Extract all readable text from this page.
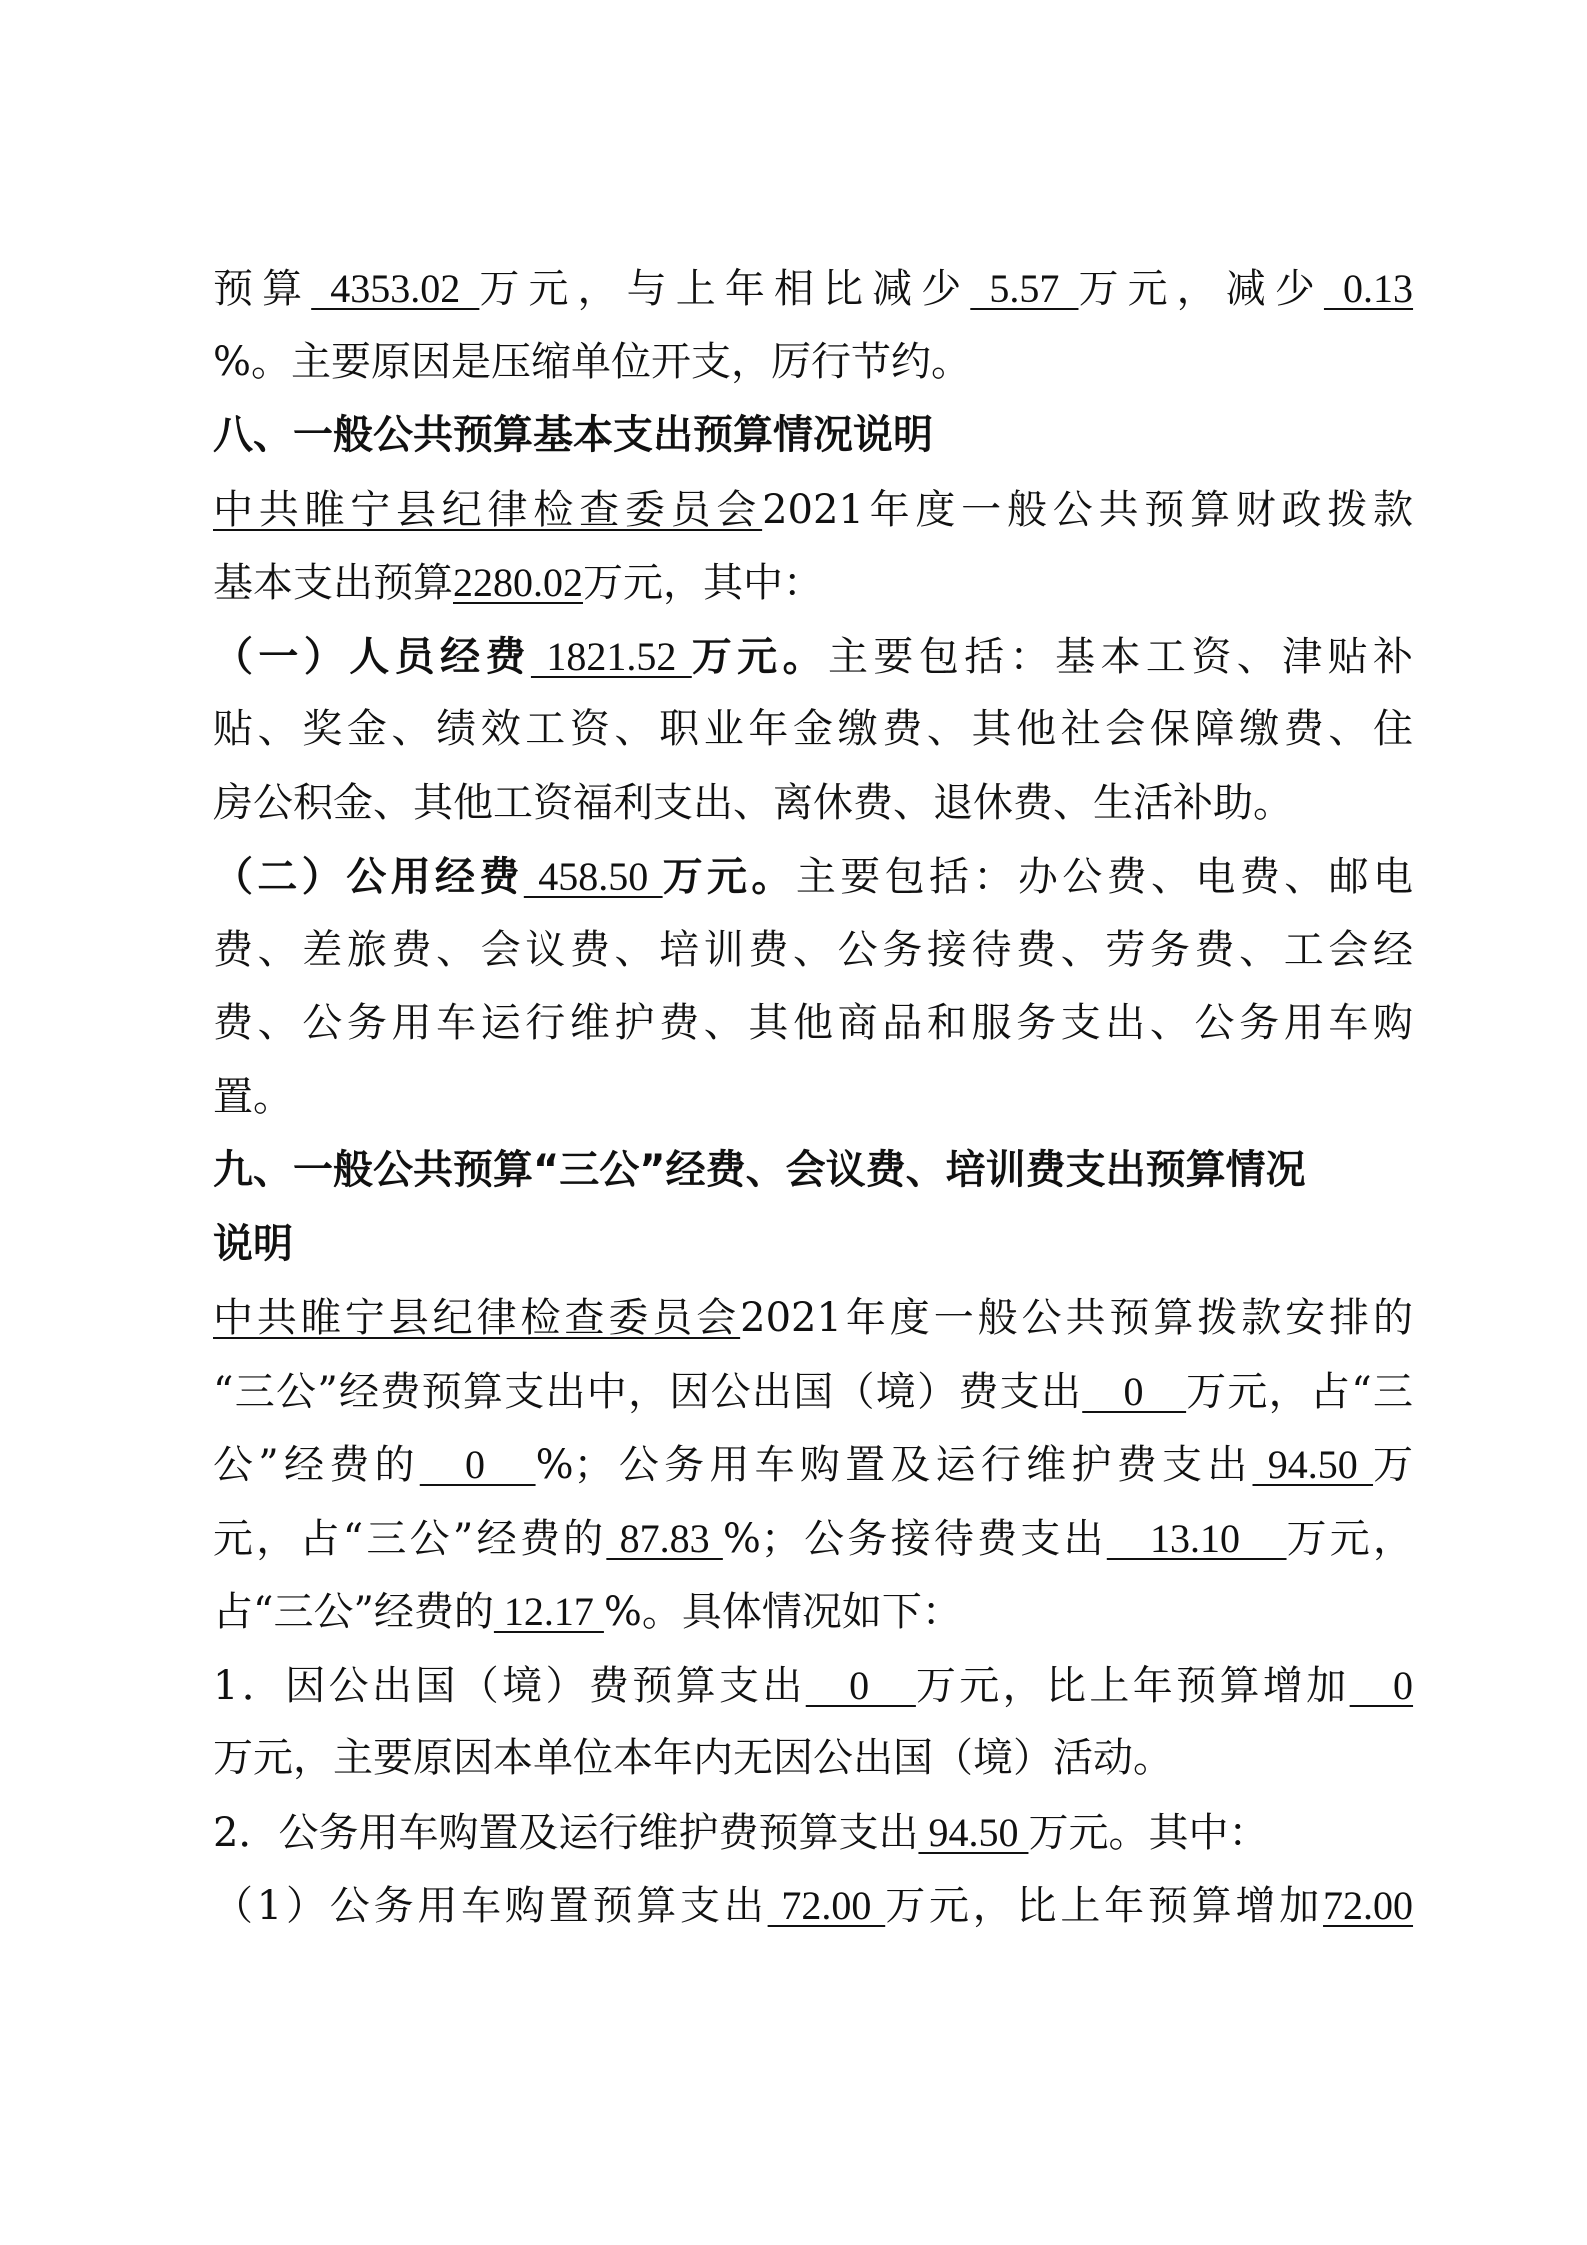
预算 4353.02 万元，与上年相比减少 5.57 万元，减少 0.13
%。主要原因是压缩单位开支，厉行节约。
八、一般公共预算基本支出预算情况说明
中共睢宁县纪律检查委员会2021年度一般公共预算财政拨款
基本支出预算2280.02万元，其中：
（一）人员经费 1821.52 万元。主要包括：基本工资、津贴补
贴、奖金、绩效工资、职业年金缴费、其他社会保障缴费、住
房公积金、其他工资福利支出、离休费、退休费、生活补助。
（二）公用经费 458.50 万元。主要包括：办公费、电费、邮电
费、差旅费、会议费、培训费、公务接待费、劳务费、工会经
费、公务用车运行维护费、其他商品和服务支出、公务用车购
置。
九、一般公共预算“三公”经费、会议费、培训费支出预算情况
说明
中共睢宁县纪律检查委员会2021年度一般公共预算拨款安排的
“三公”经费预算支出中，因公出国（境）费支出　0　万元，占“三
公”经费的　0　%；公务用车购置及运行维护费支出 94.50 万
元，占“三公”经费的 87.83 %；公务接待费支出　13.10　万元，
占“三公”经费的 12.17 %。具体情况如下：
1．因公出国（境）费预算支出　0　万元，比上年预算增加　0
万元，主要原因本单位本年内无因公出国（境）活动。
2．公务用车购置及运行维护费预算支出 94.50 万元。其中：
（1）公务用车购置预算支出 72.00 万元，比上年预算增加72.00
